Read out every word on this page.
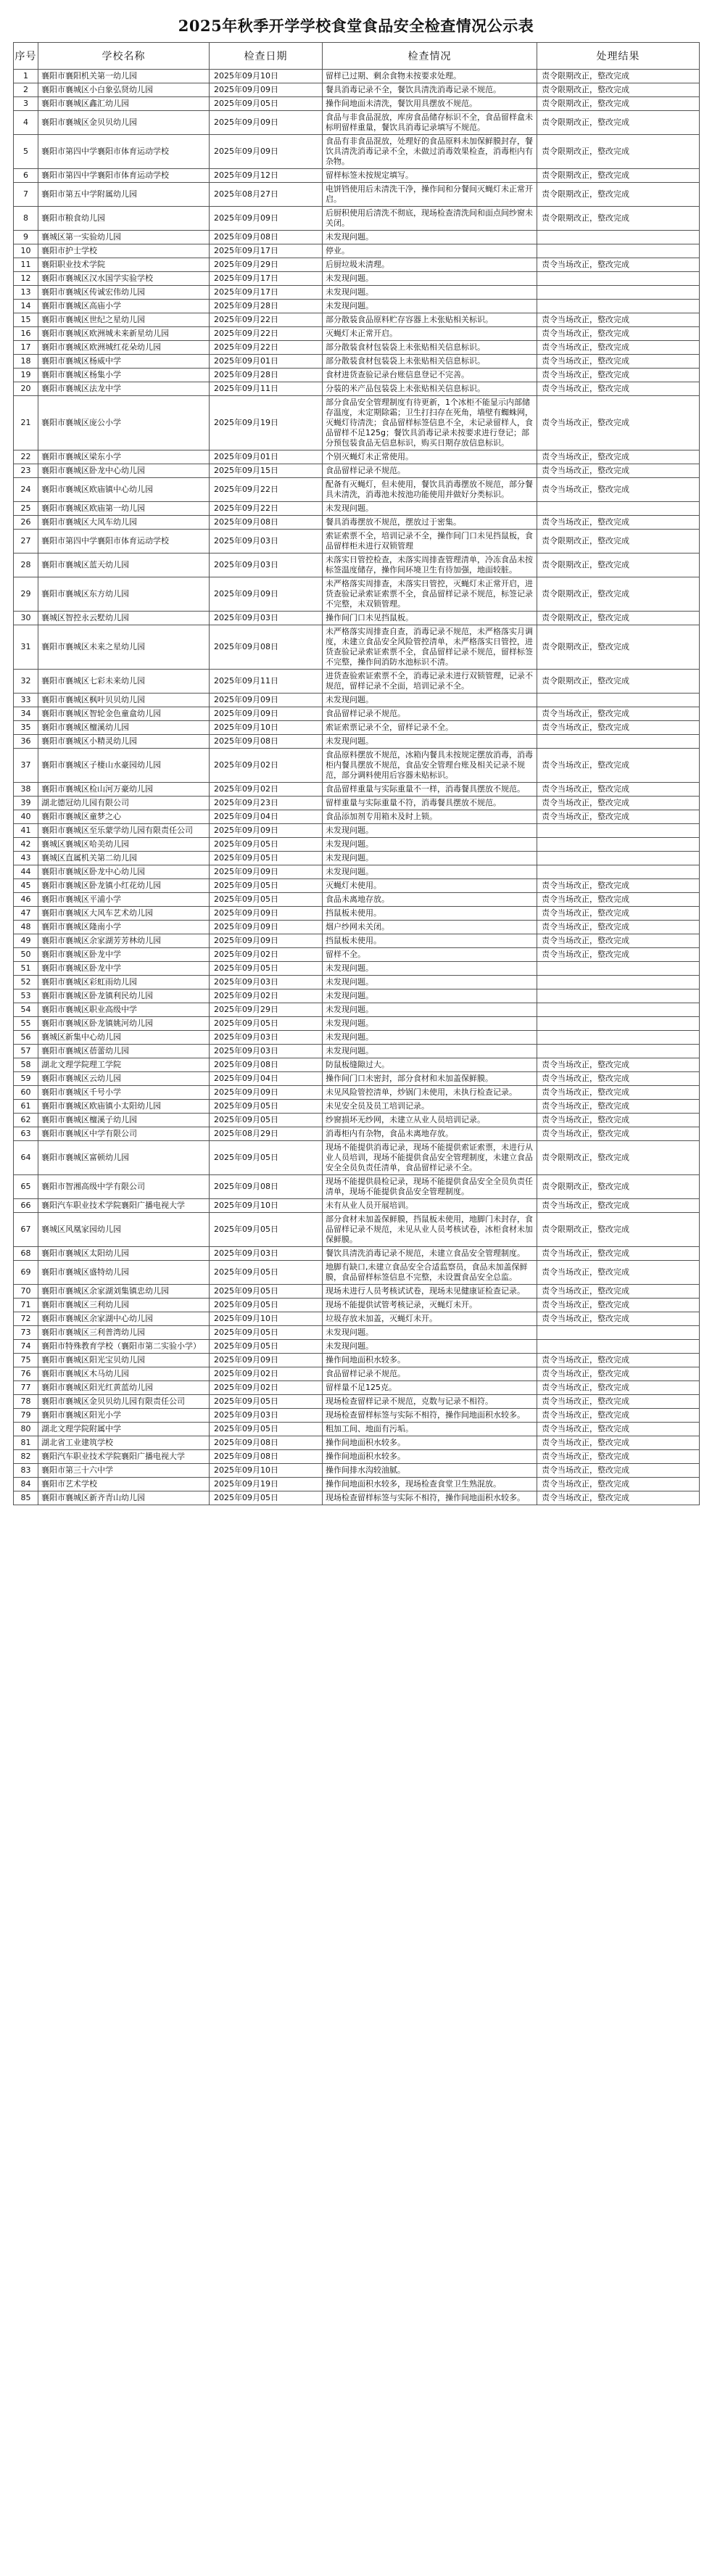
2025年秋季开学学校食堂食品安全检查情况公示表
序号	学校名称	检查日期	检查情况	处理结果
1	襄阳市襄阳机关第一幼儿园	2025年09月10日	留样已过期、剩余食物未按要求处理。	责令限期改正，整改完成
2	襄阳市襄城区小白象弘贤幼儿园	2025年09月09日	餐具消毒记录不全，餐饮具清洗消毒记录不规范。	责令限期改正，整改完成
3	襄阳市襄城区鑫汇幼儿园	2025年09月05日	操作间地面未清洗，餐饮用具摆放不规范。	责令限期改正，整改完成
4	襄阳市襄城区金贝贝幼儿园	2025年09月09日	食品与非食品混放，库房食品储存标识不全，食品留样盒未标明留样重量，餐饮具消毒记录填写不规范。	责令限期改正，整改完成
5	襄阳市第四中学襄阳市体育运动学校	2025年09月09日	食品有非食品混放，处理好的食品原料未加保鲜膜封存，餐饮具清洗消毒记录不全，未做过消毒效果检查，消毒柜内有杂物。	责令限期改正，整改完成
6	襄阳市第四中学襄阳市体育运动学校	2025年09月12日	留样标签未按规定填写。	责令限期改正，整改完成
7	襄阳市第五中学附属幼儿园	2025年08月27日	电饼铛使用后未清洗干净，操作间和分餐间灭蝇灯未正常开启。	责令限期改正，整改完成
8	襄阳市粮食幼儿园	2025年09月09日	后厨积使用后清洗不彻底，现场检查清洗间和面点间纱窗未关闭。	责令限期改正，整改完成
9	襄城区第一实验幼儿园	2025年09月08日	未发现问题。	
10	襄阳市护士学校	2025年09月17日	停业。	
11	襄阳职业技术学院	2025年09月29日	后厨垃圾未清理。	责令当场改正，整改完成
12	襄阳市襄城区汉水国学实验学校	2025年09月17日	未发现问题。	
13	襄阳市襄城区传诚宏伟幼儿园	2025年09月17日	未发现问题。	
14	襄阳市襄城区高庙小学	2025年09月28日	未发现问题。	
15	襄阳市襄城区世纪之星幼儿园	2025年09月22日	部分散装食品原料贮存容器上未张贴相关标识。	责令当场改正，整改完成
16	襄阳市襄城区欧洲城未来新星幼儿园	2025年09月22日	灭蝇灯未正常开启。	责令当场改正，整改完成
17	襄阳市襄城区欧洲城红花朵幼儿园	2025年09月22日	部分散装食材包装袋上未张贴相关信息标识。	责令当场改正，整改完成
18	襄阳市襄城区杨威中学	2025年09月01日	部分散装食材包装袋上未张贴相关信息标识。	责令当场改正，整改完成
19	襄阳市襄城区杨集小学	2025年09月28日	食材进货查验记录台账信息登记不完善。	责令当场改正，整改完成
20	襄阳市襄城区法龙中学	2025年09月11日	分装的米产品包装袋上未张贴相关信息标识。	责令当场改正，整改完成
21	襄阳市襄城区庞公小学	2025年09月19日	部分食品安全管理制度有待更新，1个冰柜不能显示内部储存温度，未定期除霜；卫生打扫存在死角，墙壁有蜘蛛网，灭蝇灯待清洗；食品留样标签信息不全，未记录留样人，食品留样不足125g；餐饮具消毒记录未按要求进行登记；部分预包装食品无信息标识，购买日期存放信息标识。	责令当场改正，整改完成
22	襄阳市襄城区梁东小学	2025年09月01日	个别灭蝇灯未正常使用。	责令当场改正，整改完成
23	襄阳市襄城区卧龙中心幼儿园	2025年09月15日	食品留样记录不规范。	责令当场改正，整改完成
24	襄阳市襄城区欧庙镇中心幼儿园	2025年09月22日	配备有灭蝇灯，但未使用，餐饮具消毒摆放不规范，部分餐具未清洗，消毒池未按池功能使用并做好分类标识。	责令当场改正，整改完成
25	襄阳市襄城区欧庙第一幼儿园	2025年09月22日	未发现问题。	
26	襄阳市襄城区大风车幼儿园	2025年09月08日	餐具消毒摆放不规范，摆放过于密集。	责令当场改正，整改完成
27	襄阳市第四中学襄阳市体育运动学校	2025年09月03日	索证索票不全，培训记录不全，操作间门口未见挡鼠板，食品留样柜未进行双锁管理	责令限期改正，整改完成
28	襄阳市襄城区蓝天幼儿园	2025年09月03日	未落实日管控检查，未落实周排查管理清单，冷冻食品未按标签温度储存，操作间环境卫生有待加强，地面较脏。	责令限期改正，整改完成
29	襄阳市襄城区东方幼儿园	2025年09月09日	未严格落实周排查，未落实日管控，灭蝇灯未正常开启，进货查验记录索证索票不全，食品留样记录不规范，标签记录不完整，未双锁管理。	责令限期改正，整改完成
30	襄城区智控永云墅幼儿园	2025年09月03日	操作间门口未见挡鼠板。	责令限期改正，整改完成
31	襄阳市襄城区未来之星幼儿园	2025年09月08日	未严格落实周排查自查，消毒记录不规范，未严格落实月调度，未建立食品安全风险管控清单，未严格落实日管控，进货查验记录索证索票不全，食品留样记录不规范，留样标签不完整，操作间消防水池标识不清。	责令限期改正，整改完成
32	襄阳市襄城区七彩未来幼儿园	2025年09月11日	进货查验索证索票不全，消毒记录未进行双锁管理，记录不规范，留样记录不全面，培训记录不全。	责令限期改正，整改完成
33	襄阳市襄城区枫叶贝贝幼儿园	2025年09月09日	未发现问题。	
34	襄阳市襄城区智轮金色童盒幼儿园	2025年09月09日	食品留样记录不规范。	责令当场改正，整改完成
35	襄阳市襄城区檀溪幼儿园	2025年09月10日	索证索票记录不全，留样记录不全。	责令当场改正，整改完成
36	襄阳市襄城区小精灵幼儿园	2025年09月08日	未发现问题。	
37	襄阳市襄城区子棲山水豪园幼儿园	2025年09月02日	食品原料摆放不规范，冰箱内餐具未按规定摆放消毒，消毒柜内餐具摆放不规范，食品安全管理台账及相关记录不规范，部分调料使用后容器未贴标识。	责令当场改正，整改完成
38	襄阳市襄城区检山河万豪幼儿园	2025年09月02日	食品留样重量与实际重量不一样，消毒餐具摆放不规范。	责令当场改正，整改完成
39	湖北德冠幼儿园有限公司	2025年09月23日	留样重量与实际重量不符，消毒餐具摆放不规范。	责令当场改正，整改完成
40	襄阳市襄城区童梦之心	2025年09月04日	食品添加剂专用箱未及时上锁。	责令当场改正，整改完成
41	襄阳市襄城区至乐蒙学幼儿园有限责任公司	2025年09月09日	未发现问题。	
42	襄城区襄城区哈美幼儿园	2025年09月05日	未发现问题。	
43	襄城区直属机关第二幼儿园	2025年09月05日	未发现问题。	
44	襄阳市襄城区卧龙中心幼儿园	2025年09月09日	未发现问题。	
45	襄阳市襄城区卧龙镇小红花幼儿园	2025年09月05日	灭蝇灯未使用。	责令当场改正，整改完成
46	襄阳市襄城区平浦小学	2025年09月05日	食品未离地存放。	责令当场改正，整改完成
47	襄阳市襄城区大风车艺术幼儿园	2025年09月09日	挡鼠板未使用。	责令当场改正，整改完成
48	襄阳市襄城区隆南小学	2025年09月09日	烟户纱网未关闭。	责令当场改正，整改完成
49	襄阳市襄城区余家湖芳芳林幼儿园	2025年09月09日	挡鼠板未使用。	责令当场改正，整改完成
50	襄阳市襄城区卧龙中学	2025年09月02日	留样不全。	责令当场改正，整改完成
51	襄阳市襄城区卧龙中学	2025年09月05日	未发现问题。	
52	襄阳市襄城区彩虹雨幼儿园	2025年09月03日	未发现问题。	
53	襄阳市襄城区卧龙镇利民幼儿园	2025年09月02日	未发现问题。	
54	襄阳市襄城区职业高级中学	2025年09月29日	未发现问题。	
55	襄阳市襄城区卧龙镇姚河幼儿园	2025年09月05日	未发现问题。	
56	襄城区新集中心幼儿园	2025年09月03日	未发现问题。	
57	襄阳市襄城区蓓蕾幼儿园	2025年09月03日	未发现问题。	
58	湖北文理学院理工学院	2025年09月08日	防鼠板缝隙过大。	责令当场改正，整改完成
59	襄阳市襄城区云幼儿园	2025年09月04日	操作间门口未密封，部分食材和未加盖保鲜膜。	责令当场改正，整改完成
60	襄阳市襄城区千号小学	2025年09月09日	未见风险管控清单，炒锅门未使用，未执行检查记录。	责令当场改正，整改完成
61	襄阳市襄城区欧庙镇小太阳幼儿园	2025年09月05日	未见安全员及员工培训记录。	责令当场改正，整改完成
62	襄阳市襄城区檀溪子幼儿园	2025年09月05日	纱窗损坏无纱网，未建立从业人员培训记录。	责令当场改正，整改完成
63	襄阳市襄城区中学有限公司	2025年08月29日	消毒柜内有杂物，食品未离地存放。	责令当场改正，整改完成
64	襄阳市襄城区富顿幼儿园	2025年09月05日	现场不能提供消毒记录，现场不能提供索证索票，未进行从业人员培训，现场不能提供食品安全管理制度，未建立食品安全全员负责任清单，食品留样记录不全。	责令限期改正，整改完成
65	襄阳市智湘高级中学有限公司	2025年09月08日	现场不能提供晨检记录，现场不能提供食品安全全员负责任清单，现场不能提供食品安全管理制度。	责令限期改正，整改完成
66	襄阳汽车职业技术学院襄阳广播电视大学	2025年09月10日	未有从业人员开展培训。	责令当场改正，整改完成
67	襄城区风凰家园幼儿园	2025年09月05日	部分食材未加盖保鲜膜，挡鼠板未使用，地脚门未封存，食品留样记录不规范，未见从业人员考核试卷，冰柜食材未加保鲜膜。	责令限期改正，整改完成
68	襄阳市襄城区太阳幼儿园	2025年09月03日	餐饮具清洗消毒记录不规范，未建立食品安全管理制度。	责令当场改正，整改完成
69	襄阳市襄城区盛特幼儿园	2025年09月05日	地脚有缺口,未建立食品安全合适监察员，食品未加盖保鲜膜，食品留样标签信息不完整，未设置食品安全总监。	责令当场改正，整改完成
70	襄阳市襄城区余家湖刘集镇忠幼儿园	2025年09月05日	现场未进行人员考核试试卷，现场未见健康证检查记录。	责令当场改正，整改完成
71	襄阳市襄城区三利幼儿园	2025年09月05日	现场不能提供试管考核记录，灭蝇灯未开。	责令当场改正，整改完成
72	襄阳市襄城区余家湖中心幼儿园	2025年09月10日	垃圾存放未加盖，灭蝇灯未开。	责令当场改正，整改完成
73	襄阳市襄城区三利普湾幼儿园	2025年09月05日	未发现问题。	
74	襄阳市特殊教育学校（襄阳市第二实验小学）	2025年09月05日	未发现问题。	
75	襄阳市襄城区阳光宝贝幼儿园	2025年09月09日	操作间地面积水较多。	责令当场改正，整改完成
76	襄阳市襄城区木马幼儿园	2025年09月02日	食品留样记录不规范。	责令当场改正，整改完成
77	襄阳市襄城区阳光红黄蓝幼儿园	2025年09月02日	留样量不足125克。	责令当场改正，整改完成
78	襄阳市襄城区金贝贝幼儿园有限责任公司	2025年09月05日	现场检查留样记录不规范，克数与记录不相符。	责令当场改正，整改完成
79	襄阳市襄城区阳光小学	2025年09月03日	现场检查留样标签与实际不相符，操作间地面积水较多。	责令当场改正，整改完成
80	湖北文理学院附属中学	2025年09月05日	粗加工间、地面有污垢。	责令当场改正，整改完成
81	湖北省工业建筑学校	2025年09月08日	操作间地面积水较多。	责令当场改正，整改完成
82	襄阳汽车职业技术学院襄阳广播电视大学	2025年09月08日	操作间地面积水较多。	责令当场改正，整改完成
83	襄阳市第三十六中学	2025年09月10日	操作间排水沟较油腻。	责令当场改正，整改完成
84	襄阳市艺术学校	2025年09月19日	操作间地面积水较多，现场检查食堂卫生熟混放。	责令当场改正，整改完成
85	襄阳市襄城区新齐青山幼儿园	2025年09月05日	现场检查留样标签与实际不相符，操作间地面积水较多。	责令当场改正，整改完成
